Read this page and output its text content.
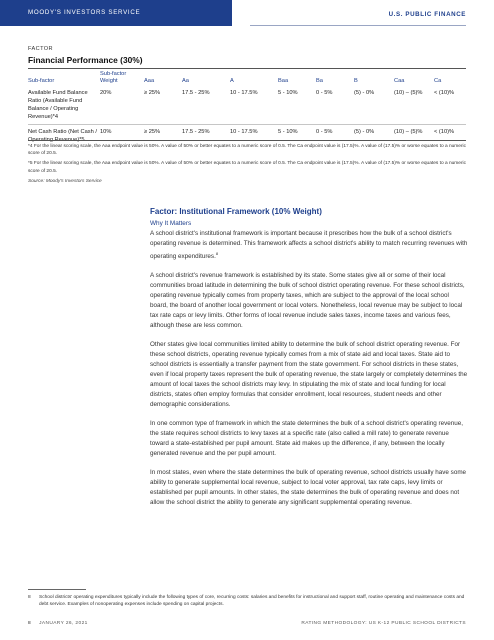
MOODY'S INVESTORS SERVICE	U.S. PUBLIC FINANCE
FACTOR
Financial Performance (30%)
Sub-factor	Sub-factor Weight	Aaa	Aa	A	Baa	Ba	B	Caa	Ca
Available Fund Balance Ratio (Available Fund Balance / Operating Revenue)*4	20%	≥ 25%	17.5 - 25%	10 - 17.5%	5 - 10%	0 - 5%	(5) - 0%	(10) – (5)%	< (10)%
Net Cash Ratio (Net Cash / Operating Revenue)*5	10%	≥ 25%	17.5 - 25%	10 - 17.5%	5 - 10%	0 - 5%	(5) - 0%	(10) – (5)%	< (10)%

*4 For the linear scoring scale, the Aaa endpoint value is 50%. A value of 50% or better equates to a numeric score of 0.5. The Ca endpoint value is (17.5)%. A value of (17.5)% or worse equates to a numeric score of 20.5.

*5 For the linear scoring scale, the Aaa endpoint value is 50%. A value of 50% or better equates to a numeric score of 0.5. The Ca endpoint value is (17.5)%. A value of (17.5)% or worse equates to a numeric score of 20.5.

Source: Moody's Investors Service
Factor: Institutional Framework (10% Weight)
Why It Matters

A school district's institutional framework is important because it prescribes how the bulk of a school district's operating revenue is determined. This framework affects a school district's ability to match recurring revenues with operating expenditures.$^8$

A school district's revenue framework is established by its state. Some states give all or some of their local communities broad latitude in determining the bulk of school district operating revenue. For these school districts, operating revenue typically comes from property taxes, which are subject to the approval of the local school board, the board of another local government or local voters. Nonetheless, local revenue may be subject to local tax rate caps or levy limits. Other forms of local revenue include sales taxes, income taxes and various fees, although these are less common.

Other states give local communities limited ability to determine the bulk of school district operating revenue. For these school districts, operating revenue typically comes from a mix of state aid and local taxes. State aid to school districts is essentially a transfer payment from the state government. For school districts in these states, even if local property taxes represent the bulk of operating revenue, the state largely or completely determines the amount of local taxes the school districts may levy. In stipulating the mix of state and local funding for local districts, states often employ formulas that consider enrollment, local resources, student needs and other demographic considerations.

In one common type of framework in which the state determines the bulk of a school district's operating revenue, the state requires school districts to levy taxes at a specific rate (also called a mill rate) to generate revenue toward a state-established per pupil amount. State aid makes up the difference, if any, between the locally generated revenue and the per pupil amount.

In most states, even where the state determines the bulk of operating revenue, school districts usually have some ability to generate supplemental local revenue, subject to local voter approval, tax rate caps, levy limits or established per pupil amounts. In other states, the state determines the bulk of operating revenue and does not allow the school district the ability to generate any significant supplemental operating revenue.

8 School districts' operating expenditures typically include the following types of core, recurring costs: salaries and benefits for instructional and support staff, routine operating and maintenance costs and debt service. Examples of nonoperating expenses include spending on capital projects.
8 JANUARY 26, 2021	RATING METHODOLOGY: US K-12 PUBLIC SCHOOL DISTRICTS
